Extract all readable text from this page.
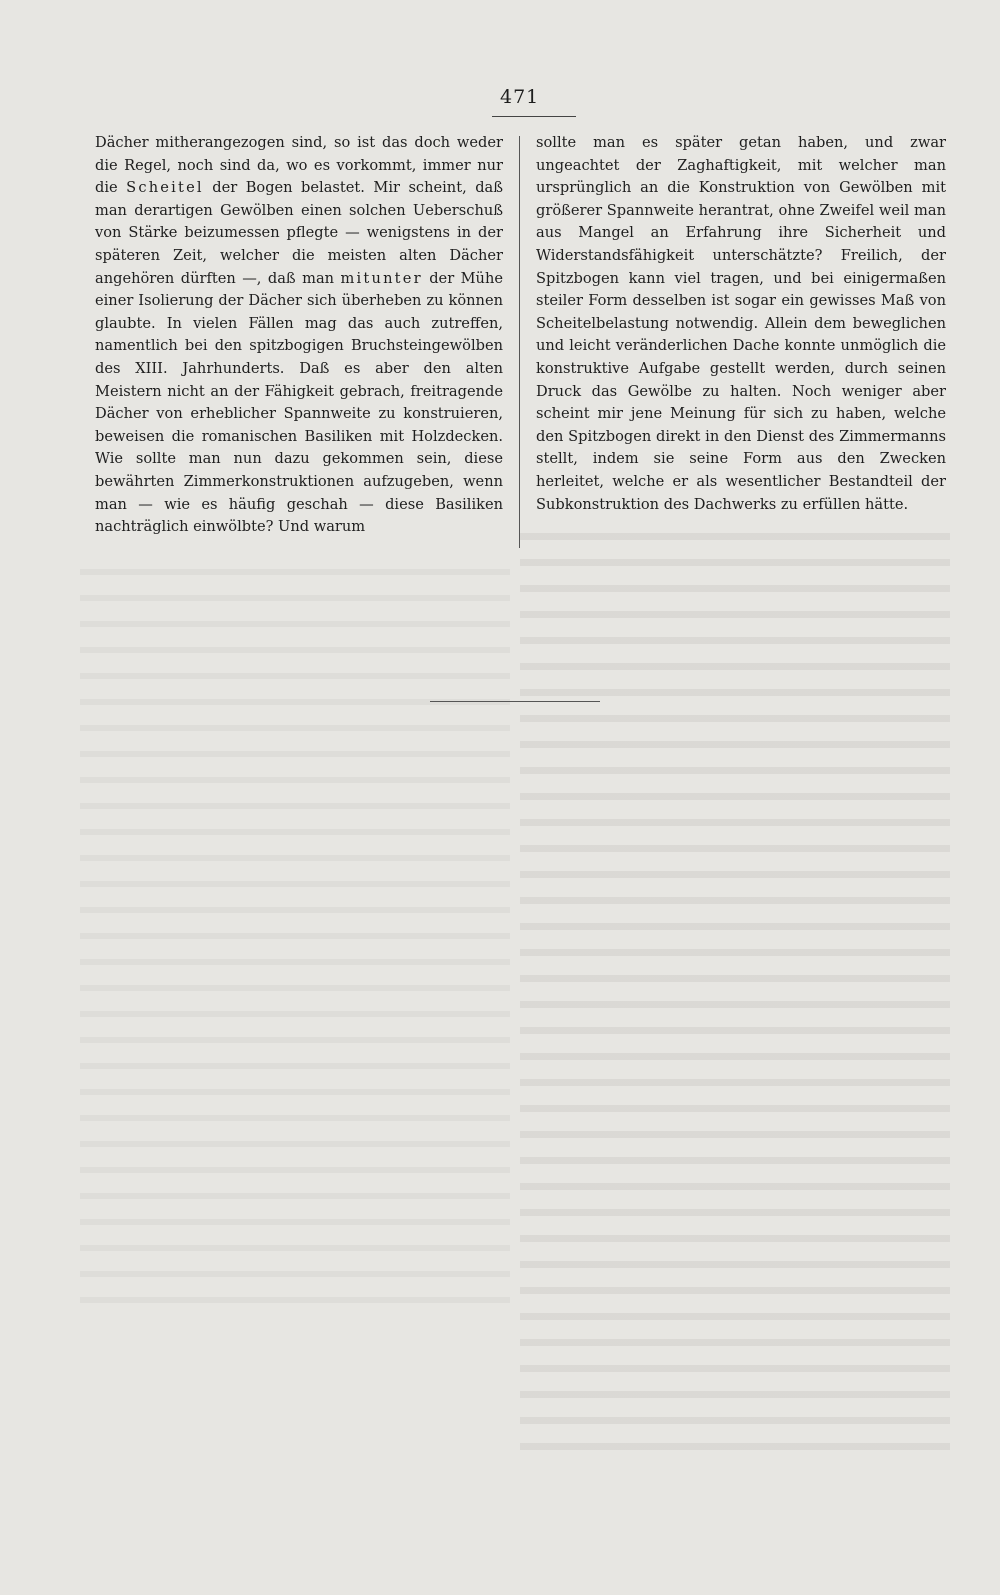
471

Dächer mitherangezogen sind, so ist das doch weder die Regel, noch sind da, wo es vorkommt, immer nur die Scheitel der Bogen belastet. Mir scheint, daß man derartigen Gewölben einen solchen Ueberschuß von Stärke beizumessen pflegte — wenigstens in der späteren Zeit, welcher die meisten alten Dächer angehören dürften —, daß man mitunter der Mühe einer Isolierung der Dächer sich überheben zu können glaubte. In vielen Fällen mag das auch zutreffen, namentlich bei den spitzbogigen Bruchsteingewölben des XIII. Jahrhunderts. Daß es aber den alten Meistern nicht an der Fähigkeit gebrach, freitragende Dächer von erheblicher Spannweite zu konstruieren, beweisen die romanischen Basiliken mit Holzdecken. Wie sollte man nun dazu gekommen sein, diese bewährten Zimmerkonstruktionen aufzugeben, wenn man — wie es häufig geschah — diese Basiliken nachträglich einwölbte? Und warum

sollte man es später getan haben, und zwar ungeachtet der Zaghaftigkeit, mit welcher man ursprünglich an die Konstruktion von Gewölben mit größerer Spannweite herantrat, ohne Zweifel weil man aus Mangel an Erfahrung ihre Sicherheit und Widerstandsfähigkeit unterschätzte? Freilich, der Spitzbogen kann viel tragen, und bei einigermaßen steiler Form desselben ist sogar ein gewisses Maß von Scheitelbelastung notwendig. Allein dem beweglichen und leicht veränderlichen Dache konnte unmöglich die konstruktive Aufgabe gestellt werden, durch seinen Druck das Gewölbe zu halten. Noch weniger aber scheint mir jene Meinung für sich zu haben, welche den Spitzbogen direkt in den Dienst des Zimmermanns stellt, indem sie seine Form aus den Zwecken herleitet, welche er als wesentlicher Bestandteil der Subkonstruktion des Dachwerks zu erfüllen hätte.
